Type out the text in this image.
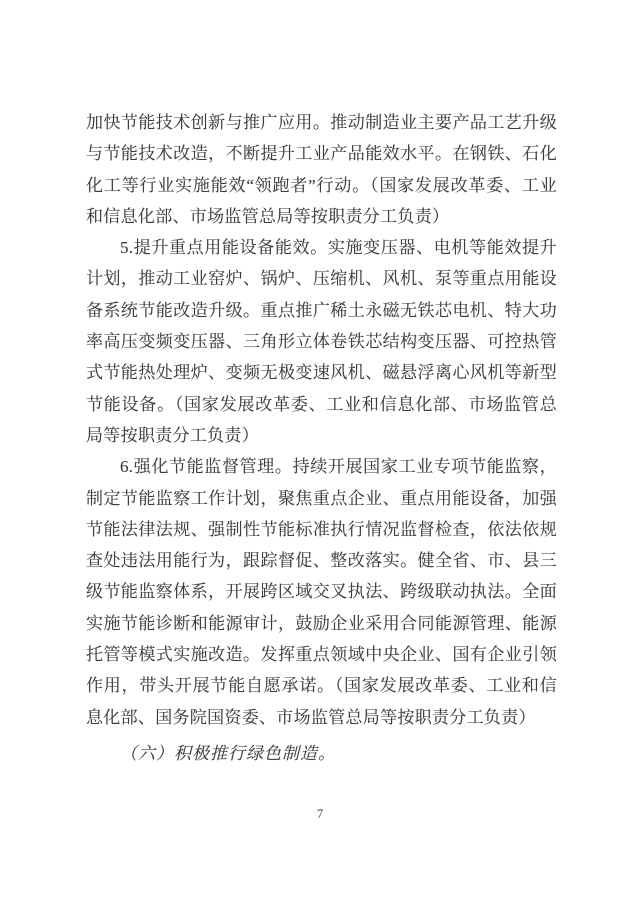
加快节能技术创新与推广应用。推动制造业主要产品工艺升级与节能技术改造，不断提升工业产品能效水平。在钢铁、石化化工等行业实施能效“领跑者”行动。（国家发展改革委、工业和信息化部、市场监管总局等按职责分工负责）

5.提升重点用能设备能效。实施变压器、电机等能效提升计划，推动工业窑炉、锅炉、压缩机、风机、泵等重点用能设备系统节能改造升级。重点推广稀土永磁无铁芯电机、特大功率高压变频变压器、三角形立体卷铁芯结构变压器、可控热管式节能热处理炉、变频无极变速风机、磁悬浮离心风机等新型节能设备。（国家发展改革委、工业和信息化部、市场监管总局等按职责分工负责）

6.强化节能监督管理。持续开展国家工业专项节能监察，制定节能监察工作计划，聚焦重点企业、重点用能设备，加强节能法律法规、强制性节能标准执行情况监督检查，依法依规查处违法用能行为，跟踪督促、整改落实。健全省、市、县三级节能监察体系，开展跨区域交叉执法、跨级联动执法。全面实施节能诊断和能源审计，鼓励企业采用合同能源管理、能源托管等模式实施改造。发挥重点领域中央企业、国有企业引领作用，带头开展节能自愿承诺。（国家发展改革委、工业和信息化部、国务院国资委、市场监管总局等按职责分工负责）

（六）积极推行绿色制造。

7
